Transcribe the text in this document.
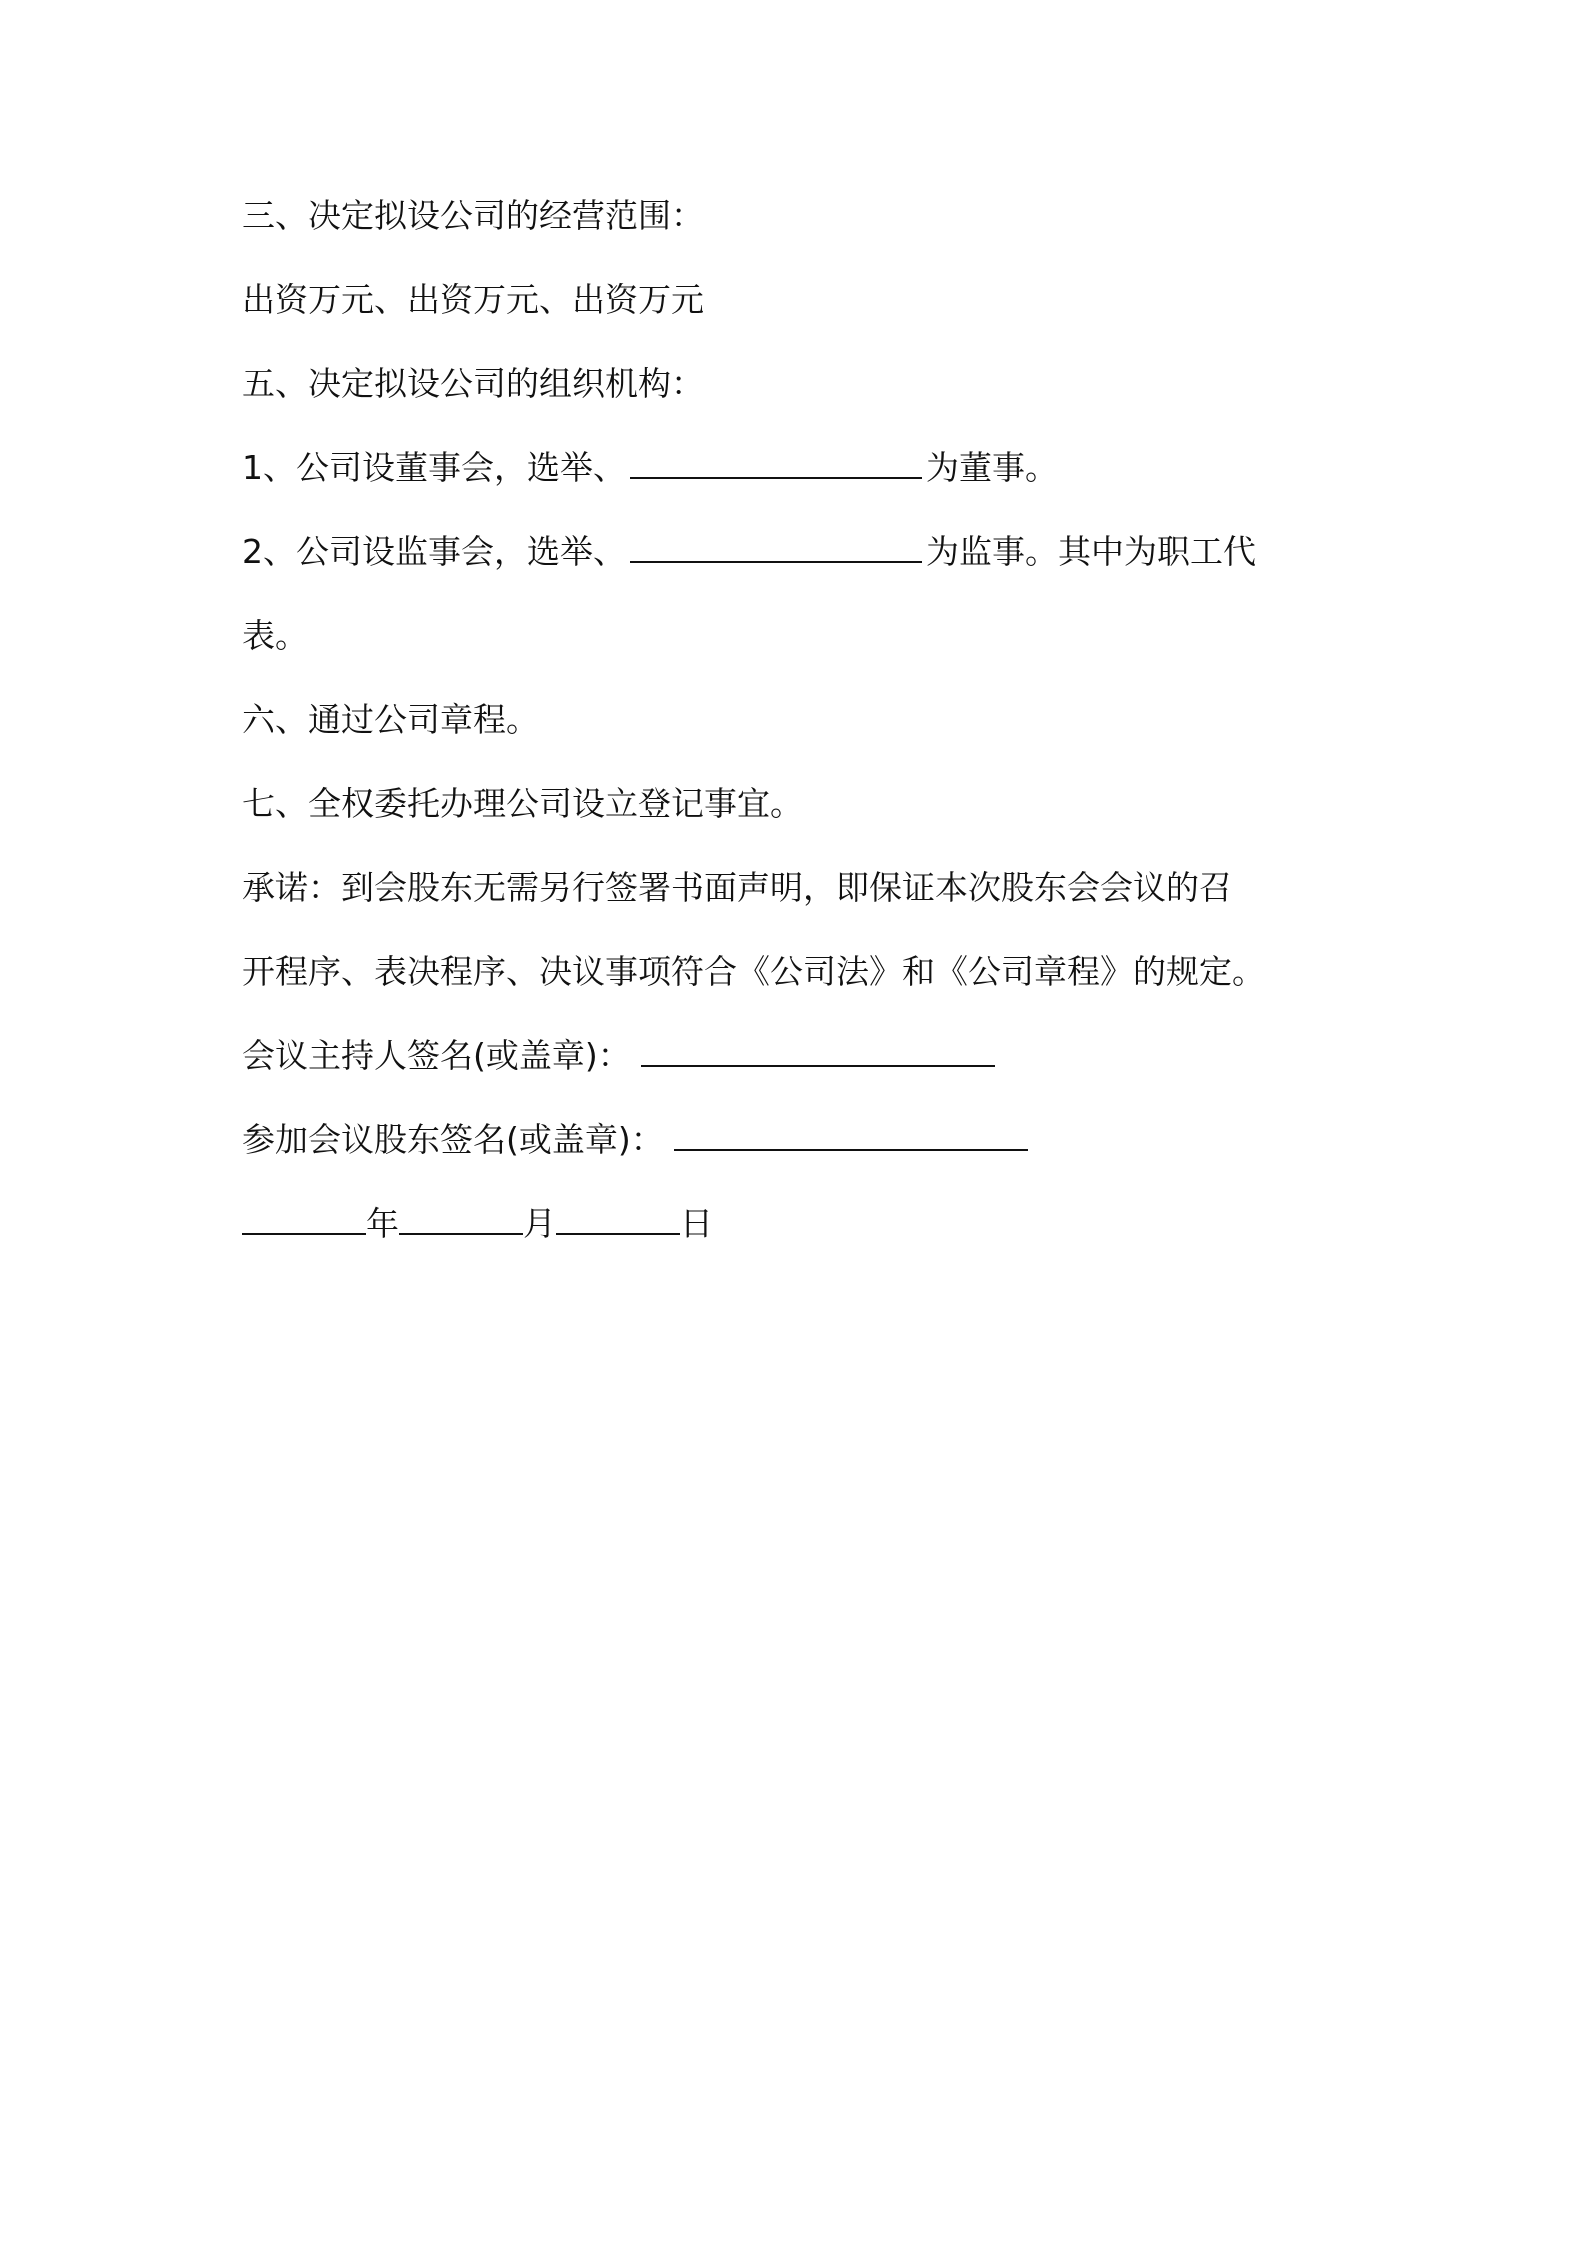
三、决定拟设公司的经营范围：
出资万元、出资万元、出资万元
五、决定拟设公司的组织机构：
1、公司设董事会，选举、	为董事。
2、公司设监事会，选举、	为监事。其中为职工代
表。
六、通过公司章程。
七、全权委托办理公司设立登记事宜。
承诺：到会股东无需另行签署书面声明，即保证本次股东会会议的召
开程序、表决程序、决议事项符合《公司法》和《公司章程》的规定。
会议主持人签名(或盖章)：
参加会议股东签名(或盖章)：
年	月	日
